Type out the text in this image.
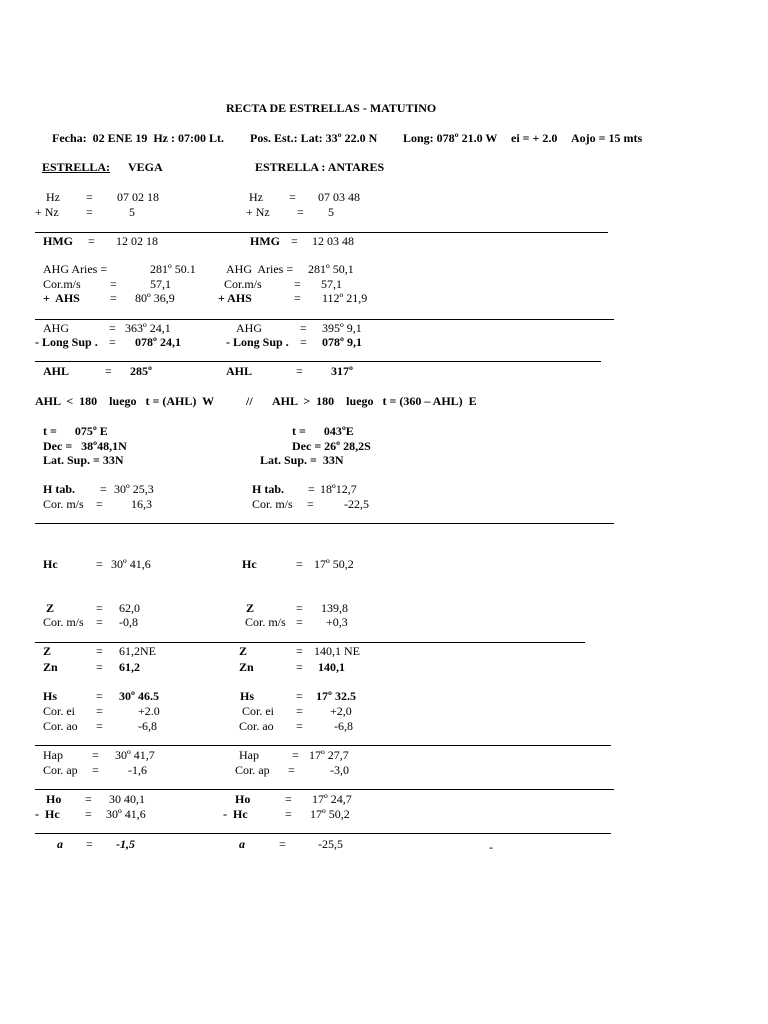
RECTA DE ESTRELLAS - MATUTINO
Fecha:  02 ENE 19  Hz : 07:00 Lt. Pos. Est.: Lat: 33º 22.0 N Long: 078º 21.0 W ei = + 2.0 Aojo = 15 mts
ESTRELLA: VEGA	ESTRELLA : ANTARES
Hz = 07 02 18	Hz = 07 03 48
+ Nz =	5	+ Nz = 5
HMG = 12 02 18	HMG = 12 03 48
AHG Aries =	281º 50.1	AHG  Aries = 281º 50,1
Cor.m/s =	57,1	Cor.m/s	= 57,1
+  AHS	= 80º 36,9	+ AHS	= 112º 21,9
AHG	= 363º 24,1	AHG	= 395º 9,1
- Long Sup . = 078º 24,1	- Long Sup . = 078º 9,1
AHL	= 285º	AHL	= 317º
AHL  <  180    luego   t = (AHL)  W	// AHL  >  180    luego   t = (360 – AHL)  E
t =      075º E	t =      043ºE
Dec =   38º48,1N	Dec = 26º 28,2S
Lat. Sup. = 33N	Lat. Sup. =  33N
H tab. = 30º 25,3	H tab. = 18º12,7
Cor. m/s = 16,3	Cor. m/s =	-22,5
Hc	= 30º 41,6	Hc	= 17º 50,2
Z	= 62,0	Z	= 139,8
Cor. m/s = -0,8	Cor. m/s = +0,3
Z	= 61,2NE	Z	= 140,1 NE
Zn	= 61,2	Zn	= 140,1
Hs	= 30º 46.5	Hs	= 17º 32.5
Cor. ei =	+2.0	Cor. ei = +2,0
Cor. ao =	-6,8	Cor. ao =	-6,8
Hap = 30º 41,7	Hap	= 17º 27,7
Cor. ap = -1,6	Cor. ap =	-3,0
Ho = 30 40,1	Ho	= 17º 24,7
-  Hc = 30º 41,6	-  Hc	= 17º 50,2
a = -1,5	a	=	-25,5	-
